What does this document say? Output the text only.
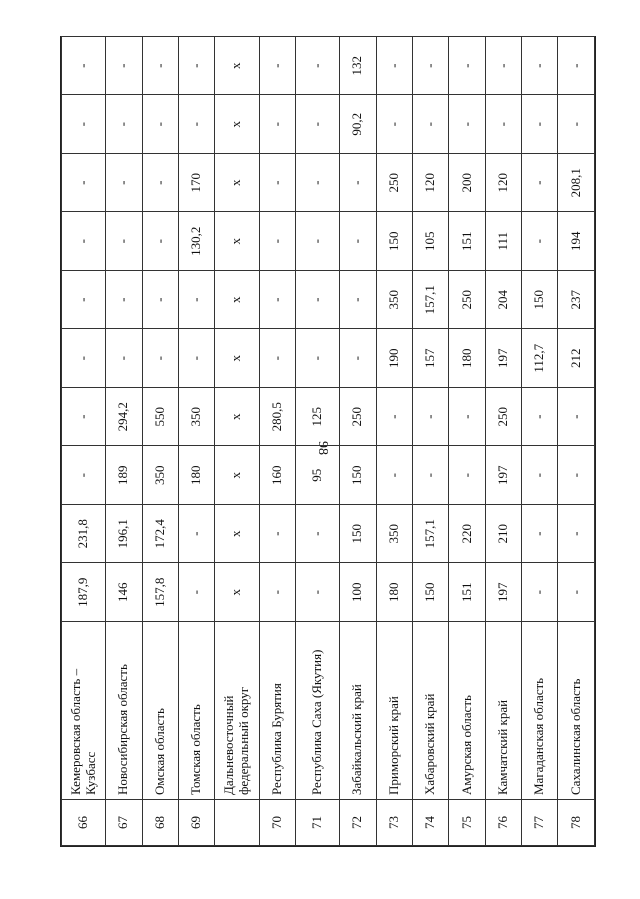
98
66	Кемеровская область – Кузбасс	187,9	231,8	-	-	-	-	-	-	-	-
67	Новосибирская область	146	196,1	189	294,2	-	-	-	-	-	-
68	Омская область	157,8	172,4	350	550	-	-	-	-	-	-
69	Томская область	-	-	180	350	-	-	130,2	170	-	-
	Дальневосточный федеральный округ	x	x	x	x	x	x	x	x	x	x
70	Республика Бурятия	-	-	160	280,5	-	-	-	-	-	-
71	Республика Саха (Якутия)	-	-	95	125	-	-	-	-	-	-
72	Забайкальский край	100	150	150	250	-	-	-	-	90,2	132
73	Приморский край	180	350	-	-	190	350	150	250	-	-
74	Хабаровский край	150	157,1	-	-	157	157,1	105	120	-	-
75	Амурская область	151	220	-	-	180	250	151	200	-	-
76	Камчатский край	197	210	197	250	197	204	111	120	-	-
77	Магаданская область	-	-	-	-	112,7	150	-	-	-	-
78	Сахалинская область	-	-	-	-	212	237	194	208,1	-	-
